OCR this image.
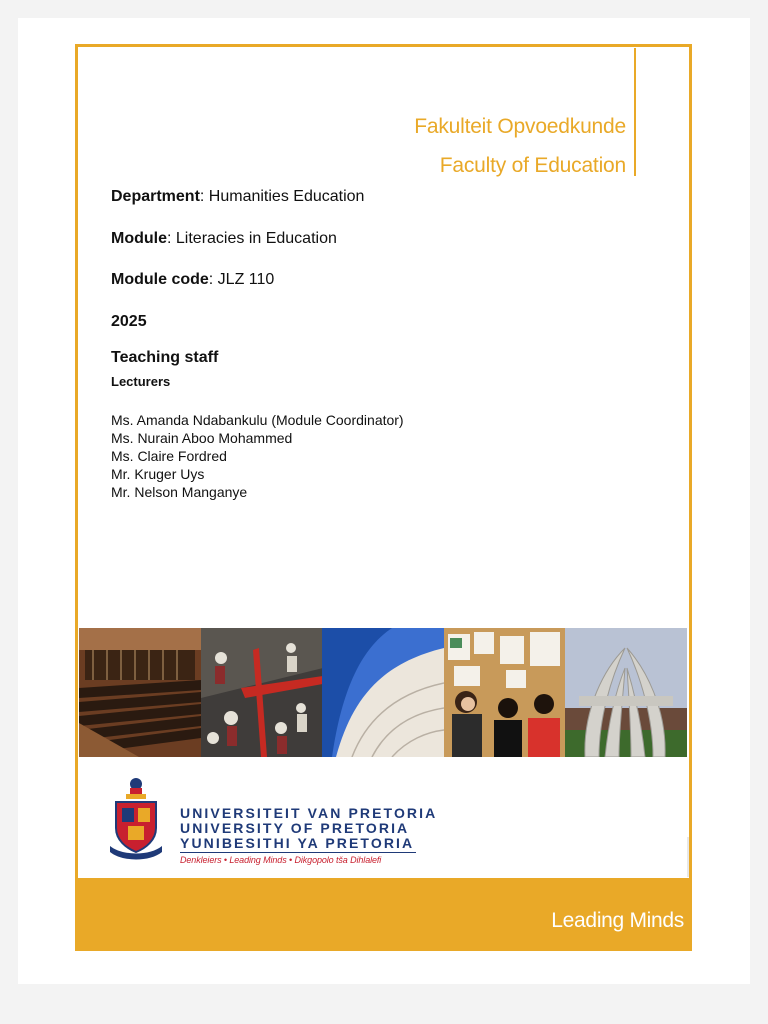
Fakulteit Opvoedkunde
Faculty of Education
Department: Humanities Education
Module: Literacies in Education
Module code: JLZ 110
2025
Teaching staff
Lecturers
Ms. Amanda Ndabankulu (Module Coordinator)
Ms. Nurain Aboo Mohammed
Ms. Claire Fordred
Mr. Kruger Uys
Mr. Nelson Manganye
UNIVERSITEIT VAN PRETORIA
UNIVERSITY OF PRETORIA
YUNIBESITHI YA PRETORIA
Denkleiers • Leading Minds • Dikgopolo tša Dihlalefi
Leading Minds
